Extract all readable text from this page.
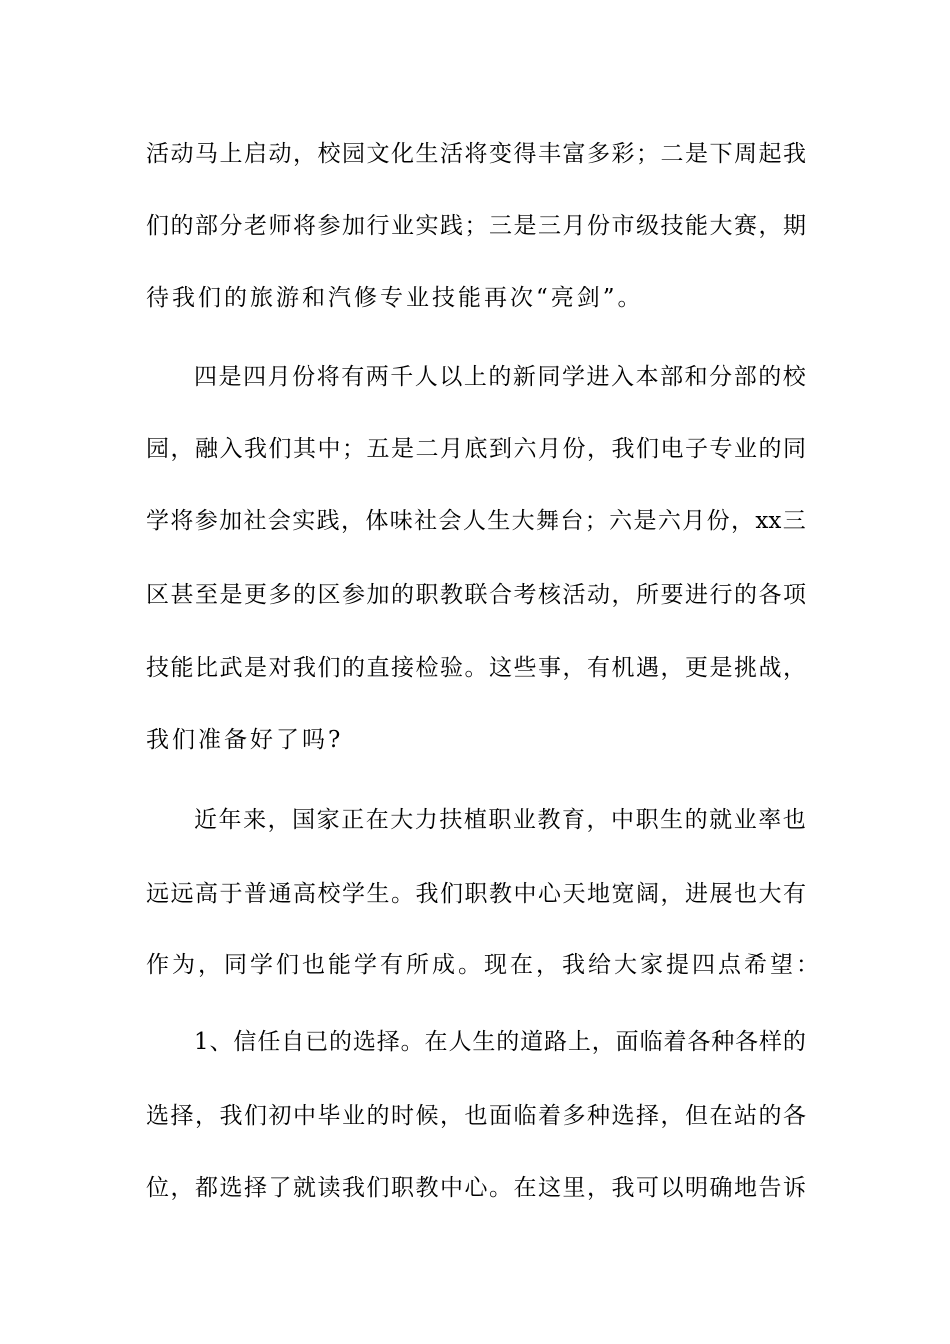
活 动 马 上 启 动 ， 校 园 文 化 生 活 将 变 得 丰 富 多 彩 ； 二 是 下 周 起 我
们 的 部 分 老 师 将 参 加 行 业 实 践 ； 三 是 三 月 份 市 级 技 能 大 赛 ， 期
待我们的旅游和汽修专业技能再次“亮剑”。
四 是 四 月 份 将 有 两 千 人 以 上 的 新 同 学 进 入 本 部 和 分 部 的 校
园 ， 融 入 我 们 其 中 ； 五 是 二 月 底 到 六 月 份 ， 我 们 电 子 专 业 的 同
学 将 参 加 社 会 实 践 ， 体 味 社 会 人 生 大 舞 台 ； 六 是 六 月 份 ， xx 三
区 甚 至 是 更 多 的 区 参 加 的 职 教 联 合 考 核 活 动 ， 所 要 进 行 的 各 项
技 能 比 武 是 对 我 们 的 直 接 检 验 。 这 些 事 ， 有 机 遇 ， 更 是 挑 战 ，
我们准备好了吗?
近 年 来 ， 国 家 正 在 大 力 扶 植 职 业 教 育 ， 中 职 生 的 就 业 率 也
远 远 高 于 普 通 高 校 学 生 。 我 们 职 教 中 心 天 地 宽 阔 ， 进 展 也 大 有
作为，同学们也能学有所成。现在，我给大家提四点希望：
1 、 信 任 自 已 的 选 择 。 在 人 生 的 道 路 上 ， 面 临 着 各 种 各 样 的
选 择 ， 我 们 初 中 毕 业 的 时 候 ， 也 面 临 着 多 种 选 择 ， 但 在 站 的 各
位 ， 都 选 择 了 就 读 我 们 职 教 中 心 。 在 这 里 ， 我 可 以 明 确 地 告 诉
